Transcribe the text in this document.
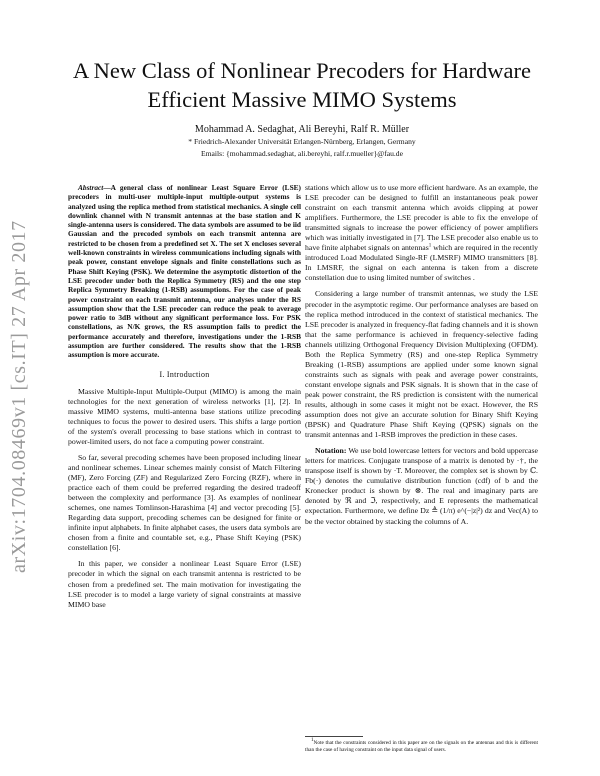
arXiv:1704.08469v1 [cs.IT] 27 Apr 2017
A New Class of Nonlinear Precoders for Hardware
Efficient Massive MIMO Systems
Mohammad A. Sedaghat, Ali Bereyhi, Ralf R. Müller
* Friedrich-Alexander Universität Erlangen-Nürnberg, Erlangen, Germany
Emails: {mohammad.sedaghat, ali.bereyhi, ralf.r.mueller}@fau.de

Abstract—A general class of nonlinear Least Square Error (LSE) precoders in multi-user multiple-input multiple-output systems is analyzed using the replica method from statistical mechanics. A single cell downlink channel with N transmit antennas at the base station and K single-antenna users is considered. The data symbols are assumed to be iid Gaussian and the precoded symbols on each transmit antenna are restricted to be chosen from a predefined set X. The set X encloses several well-known constraints in wireless communications including signals with peak power, constant envelope signals and finite constellations such as Phase Shift Keying (PSK). We determine the asymptotic distortion of the LSE precoder under both the Replica Symmetry (RS) and the one step Replica Symmetry Breaking (1-RSB) assumptions. For the case of peak power constraint on each transmit antenna, our analyses under the RS assumption show that the LSE precoder can reduce the peak to average power ratio to 3dB without any significant performance loss. For PSK constellations, as N/K grows, the RS assumption fails to predict the performance accurately and therefore, investigations under the 1-RSB assumption are further considered. The results show that the 1-RSB assumption is more accurate.

I. Introduction

Massive Multiple-Input Multiple-Output (MIMO) is among the main technologies for the next generation of wireless networks [1], [2]. In massive MIMO systems, multi-antenna base stations utilize precoding techniques to focus the power to desired users. This shifts a large portion of the system's overall processing to base stations which in contrast to power-limited users, do not face a computing power constraint.

So far, several precoding schemes have been proposed including linear and nonlinear schemes. Linear schemes mainly consist of Match Filtering (MF), Zero Forcing (ZF) and Regularized Zero Forcing (RZF), where in practice each of them could be preferred regarding the desired tradeoff between the complexity and performance [3]. As examples of nonlinear schemes, one names Tomlinson-Harashima [4] and vector precoding [5]. Regarding data support, precoding schemes can be designed for finite or infinite input alphabets. In finite alphabet cases, the users data symbols are chosen from a finite and countable set, e.g., Phase Shift Keying (PSK) constellation [6].

In this paper, we consider a nonlinear Least Square Error (LSE) precoder in which the signal on each transmit antenna is restricted to be chosen from a predefined set. The main motivation for investigating the LSE precoder is to model a large variety of signal constraints at massive MIMO base

stations which allow us to use more efficient hardware. As an example, the LSE precoder can be designed to fulfill an instantaneous peak power constraint on each transmit antenna which avoids clipping at power amplifiers. Furthermore, the LSE precoder is able to fix the envelope of transmitted signals to increase the power efficiency of power amplifiers which was initially investigated in [7]. The LSE precoder also enable us to have finite alphabet signals on antennas$^1$ which are required in the recently introduced Load Modulated Single-RF (LMSRF) MIMO transmitters [8]. In LMSRF, the signal on each antenna is taken from a discrete constellation due to using limited number of switches .

Considering a large number of transmit antennas, we study the LSE precoder in the asymptotic regime. Our performance analyses are based on the replica method introduced in the context of statistical mechanics. The LSE precoder is analyzed in frequency-flat fading channels and it is shown that the same performance is achieved in frequency-selective fading channels utilizing Orthogonal Frequency Division Multiplexing (OFDM). Both the Replica Symmetry (RS) and one-step Replica Symmetry Breaking (1-RSB) assumptions are applied under some known signal constraints such as signals with peak and average power constraints, constant envelope signals and PSK signals. It is shown that in the case of peak power constraint, the RS prediction is consistent with the numerical results, although in some cases it might not be exact. However, the RS assumption does not give an accurate solution for Binary Shift Keying (BPSK) and Quadrature Phase Shift Keying (QPSK) signals on the transmit antennas and 1-RSB improves the prediction in these cases.

Notation: We use bold lowercase letters for vectors and bold uppercase letters for matrices. Conjugate transpose of a matrix is denoted by ·†, the transpose itself is shown by ·T. Moreover, the complex set is shown by ℂ. Fb(·) denotes the cumulative distribution function (cdf) of b and the Kronecker product is shown by ⊗. The real and imaginary parts are denoted by ℜ and ℑ, respectively, and E represents the mathematical expectation. Furthermore, we define Dz ≜ (1/π) e^(−|z|²) dz and Vec(A) to be the vector obtained by stacking the columns of A.

$^1$Note that the constraints considered in this paper are on the signals on the antennas and this is different than the case of having constraint on the input data signal of users.
